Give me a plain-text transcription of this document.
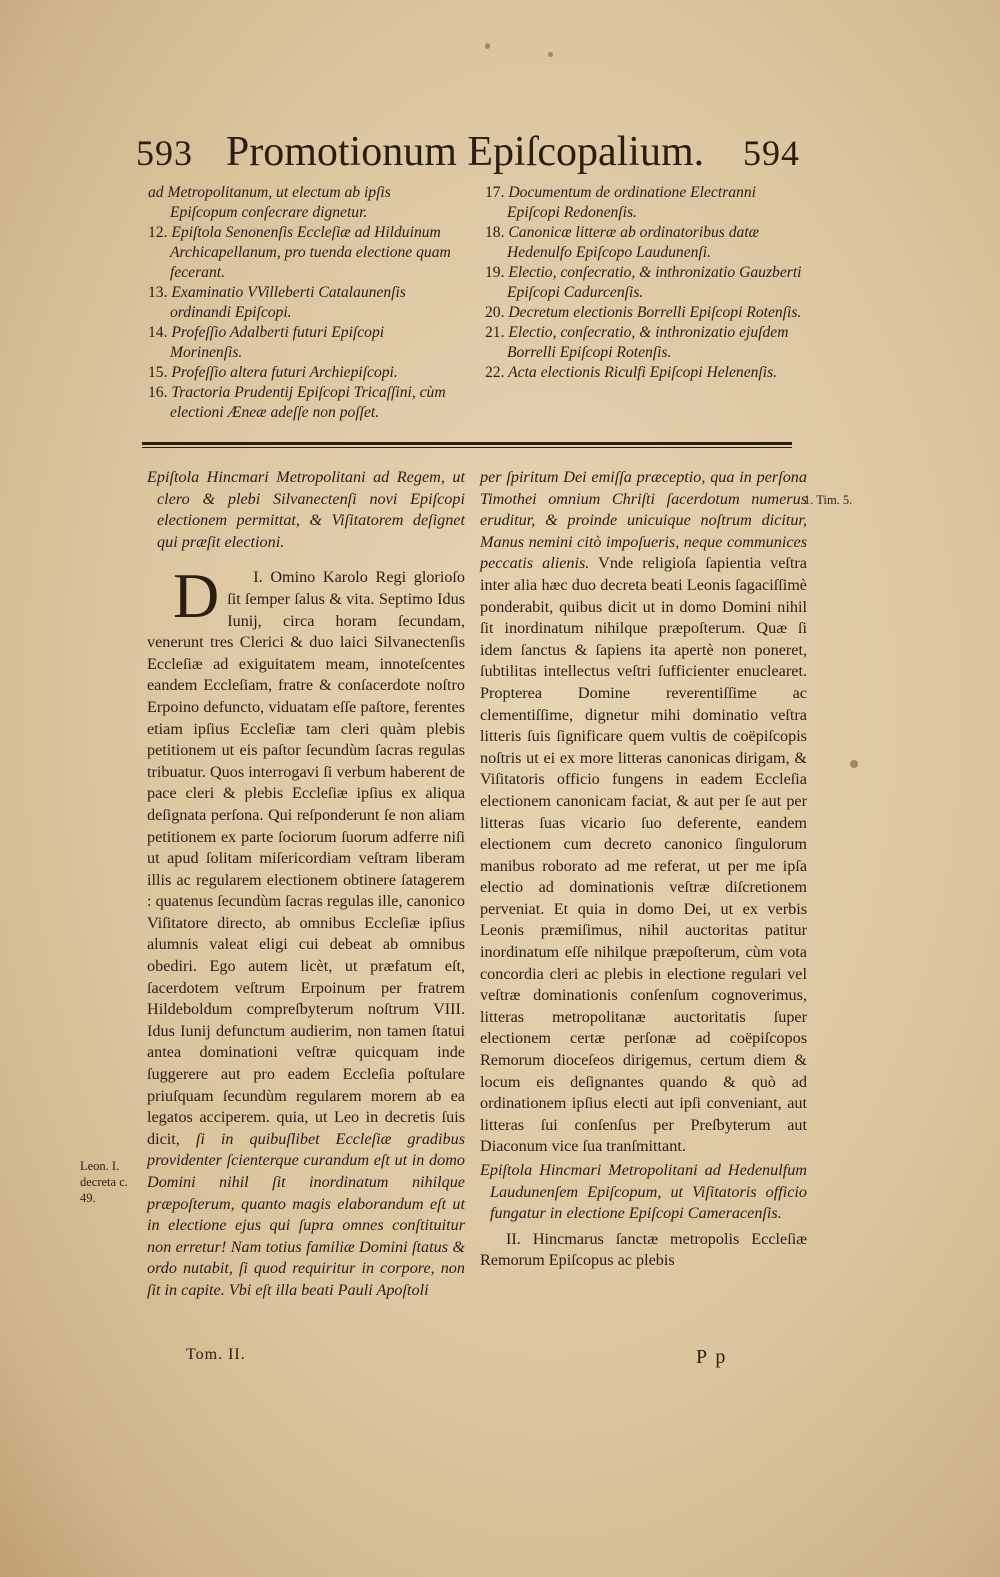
593 Promotionum Epiſcopalium.	594

ad Metropolitanum, ut electum ab ipſis Epiſcopum conſecrare dignetur.

12. Epiſtola Senonenſis Eccleſiæ ad Hilduinum Archicapellanum, pro tuenda electione quam fecerant.

13. Examinatio VVilleberti Catalaunenſis ordinandi Epiſcopi.

14. Profeſſio Adalberti futuri Epiſcopi Morinenſis.

15. Profeſſio altera futuri Archiepiſcopi.

16. Tractoria Prudentij Epiſcopi Tricaſſini, cùm electioni Æneæ adeſſe non poſſet.

17. Documentum de ordinatione Electranni Epiſcopi Redonenſis.

18. Canonicæ litteræ ab ordinatoribus datæ Hedenulfo Epiſcopo Laudunenſi.

19. Electio, conſecratio, & inthronizatio Gauzberti Epiſcopi Cadurcenſis.

20. Decretum electionis Borrelli Epiſcopi Rotenſis.

21. Electio, conſecratio, & inthronizatio ejuſdem Borrelli Epiſcopi Rotenſis.

22. Acta electionis Riculfi Epiſcopi Helenenſis.

Epiſtola Hincmari Metropolitani ad Regem, ut clero & plebi Silvanectenſi novi Epiſcopi electionem permittat, & Viſitatorem deſignet qui præſit electioni.

I.
D	Omino Karolo Regi glorioſo ſit ſemper ſalus & vita. Septimo Idus Iunij, circa horam ſecundam, venerunt tres Clerici & duo laici Silvanectenſis Eccleſiæ ad exiguitatem meam, innoteſcentes eandem Eccleſiam, fratre & conſacerdote noſtro Erpoino defuncto, viduatam eſſe paſtore, ferentes etiam ipſius Eccleſiæ tam cleri quàm plebis petitionem ut eis paſtor ſecundùm ſacras regulas tribuatur. Quos interrogavi ſi verbum haberent de pace cleri & plebis Eccleſiæ ipſius ex aliqua deſignata perſona. Qui reſponderunt ſe non aliam petitionem ex parte ſociorum ſuorum adferre niſi ut apud ſolitam miſericordiam veſtram liberam illis ac regularem electionem obtinere ſatagerem : quatenus ſecundùm ſacras regulas ille, canonico Viſitatore directo, ab omnibus Eccleſiæ ipſius alumnis valeat eligi cui debeat ab omnibus obediri. Ego autem licèt, ut præfatum eſt, ſacerdotem veſtrum Erpoinum per fratrem Hildeboldum compreſbyterum noſtrum VIII. Idus Iunij defunctum audierim, non tamen ſtatui antea dominationi veſtræ quicquam inde ſuggerere aut pro eadem Eccleſia poſtulare priuſquam ſecundùm regularem morem ab ea legatos acciperem. quia, ut Leo in decretis ſuis dicit, ſi in quibuſlibet Eccleſiæ gradibus providenter ſcienterque curandum eſt ut in domo Domini nihil ſit inordinatum nihilque præpoſterum, quanto magis elaborandum eſt ut in electione ejus qui ſupra omnes conſtituitur non erretur! Nam totius familiæ Domini ſtatus & ordo nutabit, ſi quod requiritur in corpore, non ſit in capite. Vbi eſt illa beati Pauli Apoſtoli

per ſpiritum Dei emiſſa præceptio, qua in perſona Timothei omnium Chriſti ſacerdotum numerus eruditur, & proinde unicuique noſtrum dicitur, Manus nemini citò impoſueris, neque communices peccatis alienis. Vnde religioſa ſapientia veſtra inter alia hæc duo decreta beati Leonis ſagaciſſimè ponderabit, quibus dicit ut in domo Domini nihil ſit inordinatum nihilque præpoſterum. Quæ ſi idem ſanctus & ſapiens ita apertè non poneret, ſubtilitas intellectus veſtri ſufficienter enuclearet. Propterea Domine reverentiſſime ac clementiſſime, dignetur mihi dominatio veſtra litteris ſuis ſignificare quem vultis de coëpiſcopis noſtris ut ei ex more litteras canonicas dirigam, & Viſitatoris officio fungens in eadem Eccleſia electionem canonicam faciat, & aut per ſe aut per litteras ſuas vicario ſuo deferente, eandem electionem cum decreto canonico ſingulorum manibus roborato ad me referat, ut per me ipſa electio ad dominationis veſtræ diſcretionem perveniat. Et quia in domo Dei, ut ex verbis Leonis præmiſimus, nihil auctoritas patitur inordinatum eſſe nihilque præpoſterum, cùm vota concordia cleri ac plebis in electione regulari vel veſtræ dominationis conſenſum cognoverimus, litteras metropolitanæ auctoritatis ſuper electionem certæ perſonæ ad coëpiſcopos Remorum dioceſeos dirigemus, certum diem & locum eis deſignantes quando & quò ad ordinationem ipſius electi aut ipſi conveniant, aut litteras ſui conſenſus per Preſbyterum aut Diaconum vice ſua tranſmittant.

Epiſtola Hincmari Metropolitani ad Hedenulfum Laudunenſem Epiſcopum, ut Viſitatoris officio fungatur in electione Epiſcopi Cameracenſis.

II. Hincmarus ſanctæ metropolis Eccleſiæ Remorum Epiſcopus ac plebis

Leon. I. decreta c. 49.
1. Tim. 5.
Tom. II.	P p
